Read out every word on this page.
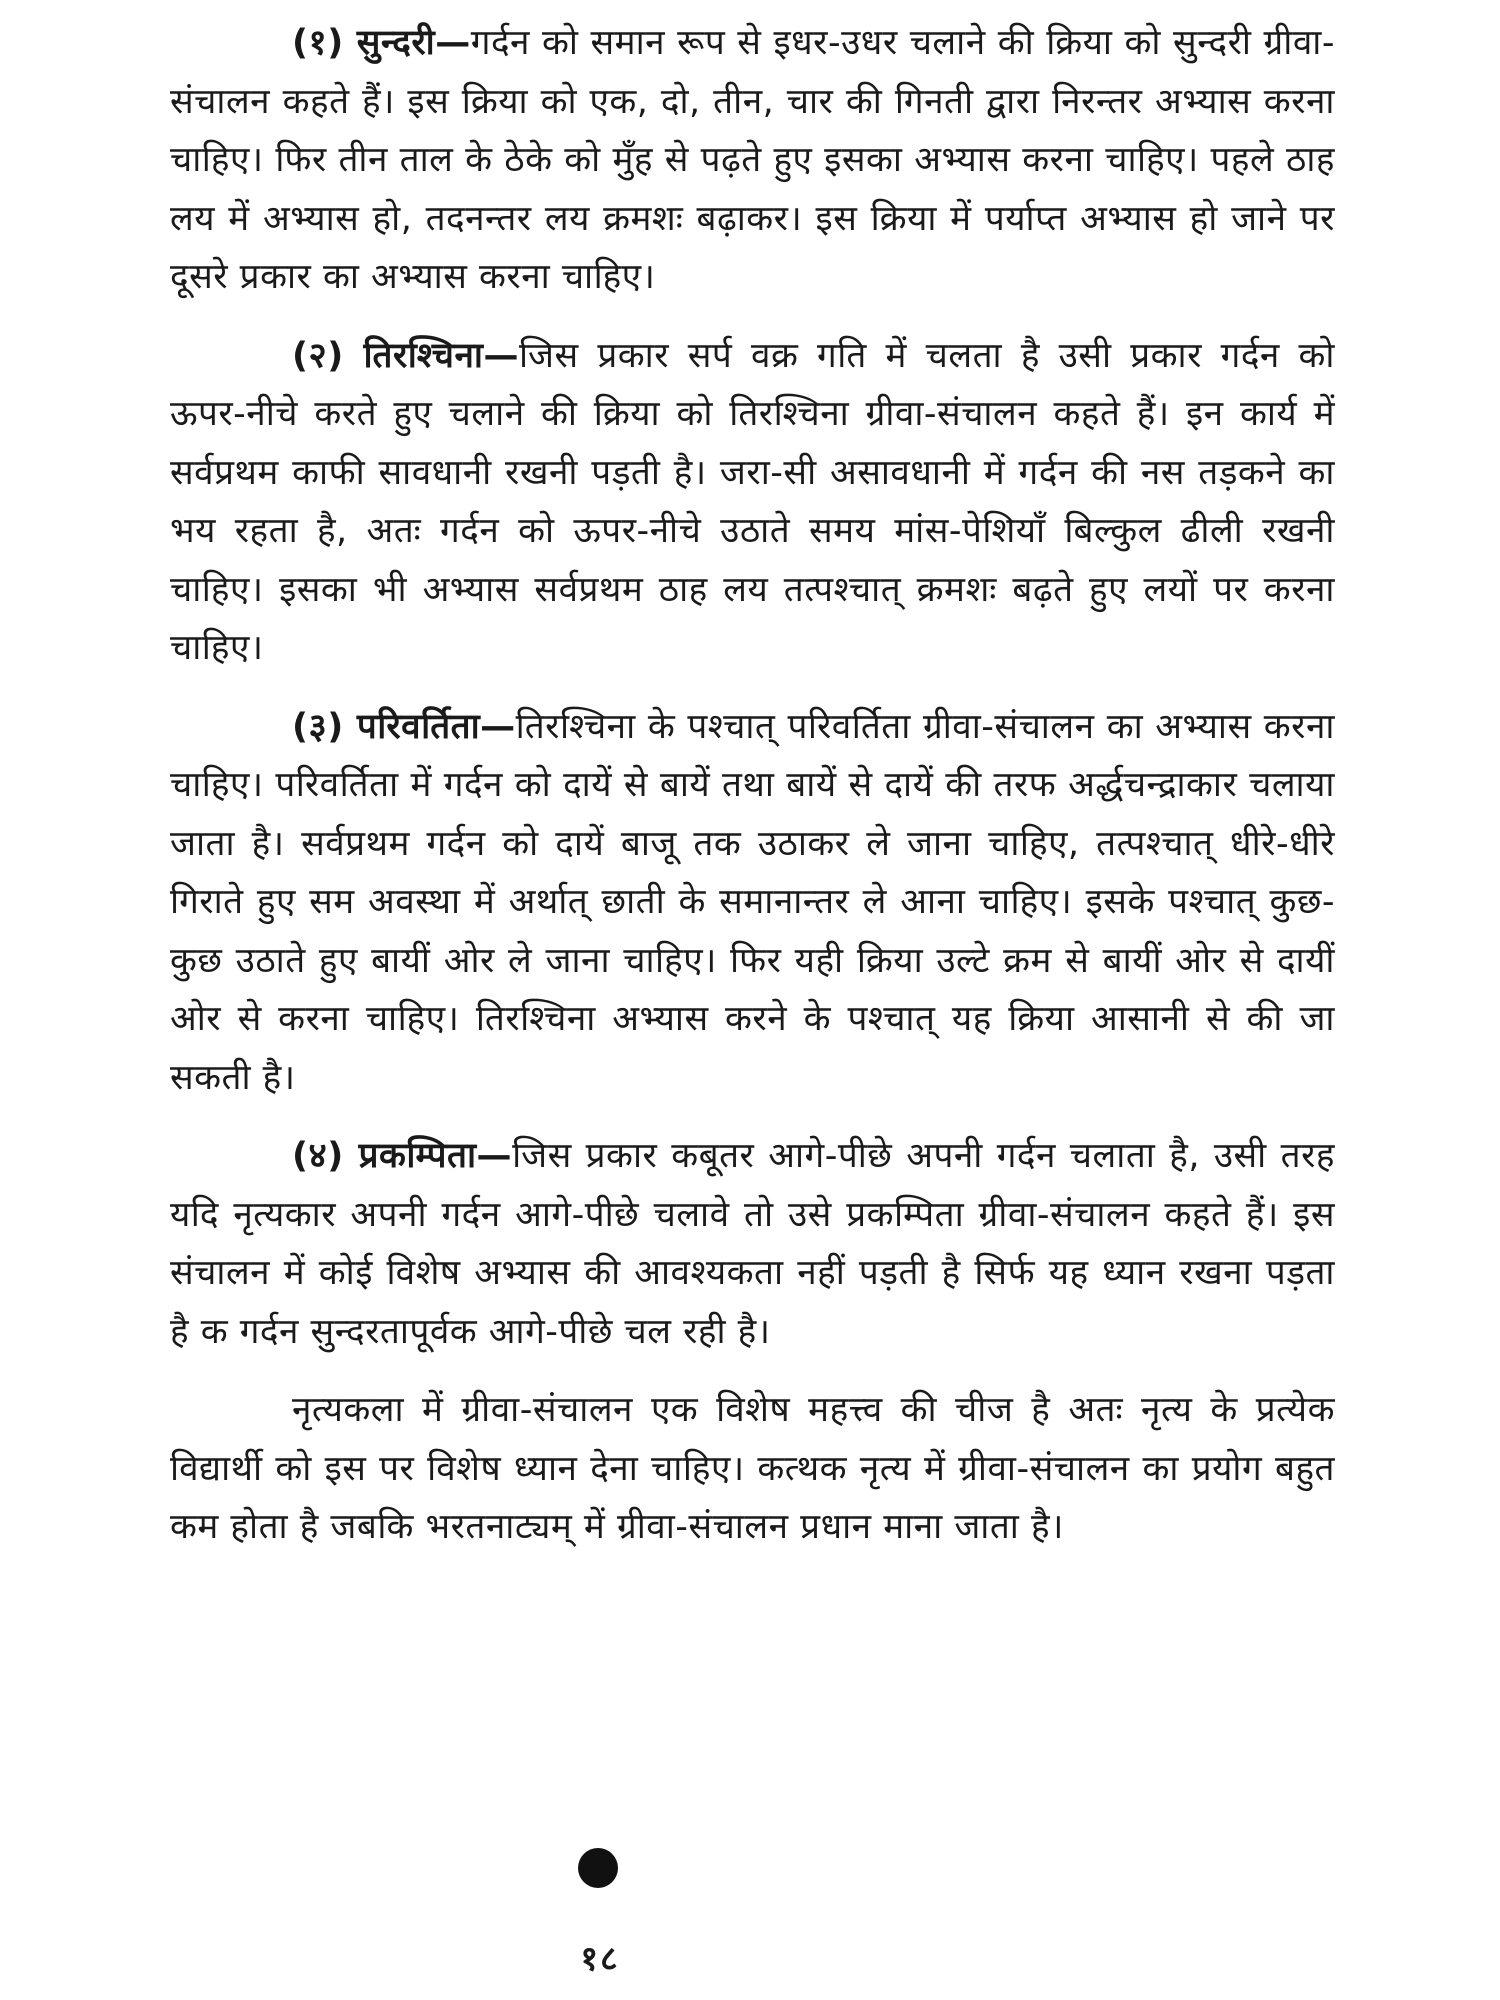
(१) सुन्दरी—गर्दन को समान रूप से इधर-उधर चलाने की क्रिया को सुन्दरी ग्रीवा-संचालन कहते हैं। इस क्रिया को एक, दो, तीन, चार की गिनती द्वारा निरन्तर अभ्यास करना चाहिए। फिर तीन ताल के ठेके को मुँह से पढ़ते हुए इसका अभ्यास करना चाहिए। पहले ठाह लय में अभ्यास हो, तदनन्तर लय क्रमशः बढ़ाकर। इस क्रिया में पर्याप्त अभ्यास हो जाने पर दूसरे प्रकार का अभ्यास करना चाहिए।

(२) तिरश्चिना—जिस प्रकार सर्प वक्र गति में चलता है उसी प्रकार गर्दन को ऊपर-नीचे करते हुए चलाने की क्रिया को तिरश्चिना ग्रीवा-संचालन कहते हैं। इन कार्य में सर्वप्रथम काफी सावधानी रखनी पड़ती है। जरा-सी असावधानी में गर्दन की नस तड़कने का भय रहता है, अतः गर्दन को ऊपर-नीचे उठाते समय मांस-पेशियाँ बिल्कुल ढीली रखनी चाहिए। इसका भी अभ्यास सर्वप्रथम ठाह लय तत्पश्चात् क्रमशः बढ़ते हुए लयों पर करना चाहिए।

(३) परिवर्तिता—तिरश्चिना के पश्चात् परिवर्तिता ग्रीवा-संचालन का अभ्यास करना चाहिए। परिवर्तिता में गर्दन को दायें से बायें तथा बायें से दायें की तरफ अर्द्धचन्द्राकार चलाया जाता है। सर्वप्रथम गर्दन को दायें बाजू तक उठाकर ले जाना चाहिए, तत्पश्चात् धीरे-धीरे गिराते हुए सम अवस्था में अर्थात् छाती के समानान्तर ले आना चाहिए। इसके पश्चात् कुछ-कुछ उठाते हुए बायीं ओर ले जाना चाहिए। फिर यही क्रिया उल्टे क्रम से बायीं ओर से दायीं ओर से करना चाहिए। तिरश्चिना अभ्यास करने के पश्चात् यह क्रिया आसानी से की जा सकती है।

(४) प्रकम्पिता—जिस प्रकार कबूतर आगे-पीछे अपनी गर्दन चलाता है, उसी तरह यदि नृत्यकार अपनी गर्दन आगे-पीछे चलावे तो उसे प्रकम्पिता ग्रीवा-संचालन कहते हैं। इस संचालन में कोई विशेष अभ्यास की आवश्यकता नहीं पड़ती है सिर्फ यह ध्यान रखना पड़ता है क गर्दन सुन्दरतापूर्वक आगे-पीछे चल रही है।

नृत्यकला में ग्रीवा-संचालन एक विशेष महत्त्व की चीज है अतः नृत्य के प्रत्येक विद्यार्थी को इस पर विशेष ध्यान देना चाहिए। कत्थक नृत्य में ग्रीवा-संचालन का प्रयोग बहुत कम होता है जबकि भरतनाट्यम् में ग्रीवा-संचालन प्रधान माना जाता है।

१८
